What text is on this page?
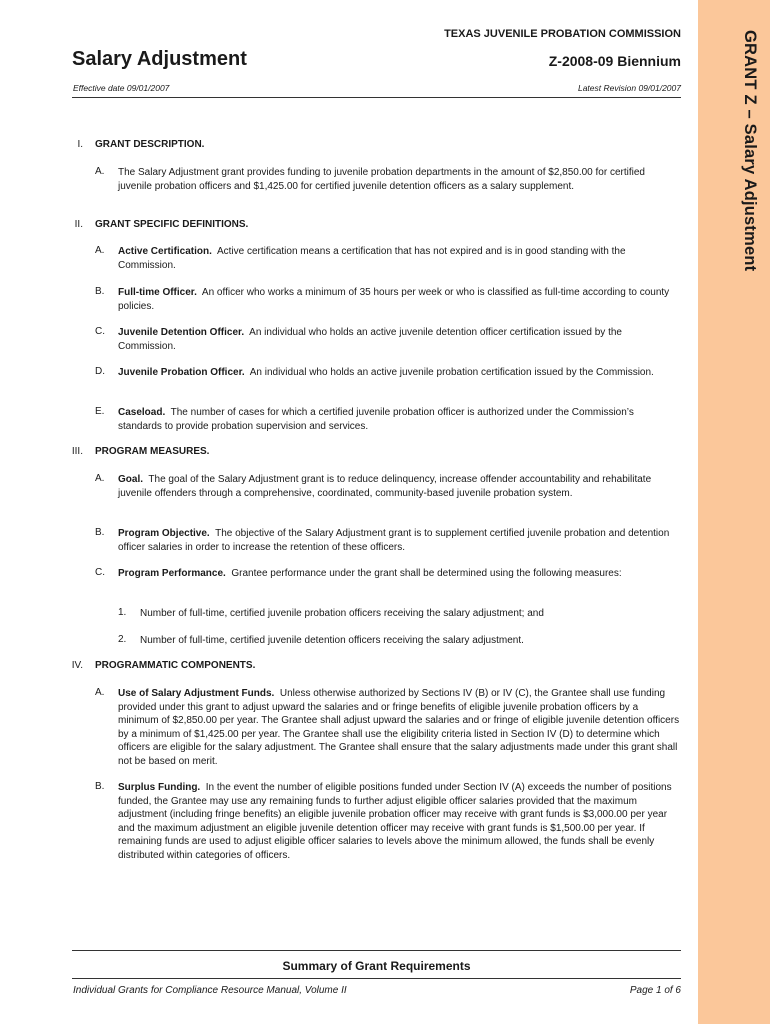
GRANT Z – Salary Adjustment
TEXAS JUVENILE PROBATION COMMISSION
Salary Adjustment	Z-2008-09 Biennium
Effective date 09/01/2007	Latest Revision 09/01/2007
I. GRANT DESCRIPTION.
A.	The Salary Adjustment grant provides funding to juvenile probation departments in the amount of $2,850.00 for certified juvenile probation officers and $1,425.00 for certified juvenile detention officers as a salary supplement.
II. GRANT SPECIFIC DEFINITIONS.
A.	Active Certification. Active certification means a certification that has not expired and is in good standing with the Commission.
B.	Full-time Officer. An officer who works a minimum of 35 hours per week or who is classified as full-time according to county policies.
C.	Juvenile Detention Officer. An individual who holds an active juvenile detention officer certification issued by the Commission.
D.	Juvenile Probation Officer. An individual who holds an active juvenile probation certification issued by the Commission.
E.	Caseload. The number of cases for which a certified juvenile probation officer is authorized under the Commission’s standards to provide probation supervision and services.
III. PROGRAM MEASURES.
A.	Goal. The goal of the Salary Adjustment grant is to reduce delinquency, increase offender accountability and rehabilitate juvenile offenders through a comprehensive, coordinated, community-based juvenile probation system.
B.	Program Objective. The objective of the Salary Adjustment grant is to supplement certified juvenile probation and detention officer salaries in order to increase the retention of these officers.
C.	Program Performance. Grantee performance under the grant shall be determined using the following measures:
1.	Number of full-time, certified juvenile probation officers receiving the salary adjustment; and
2.	Number of full-time, certified juvenile detention officers receiving the salary adjustment.
IV. PROGRAMMATIC COMPONENTS.
A.	Use of Salary Adjustment Funds. Unless otherwise authorized by Sections IV (B) or IV (C), the Grantee shall use funding provided under this grant to adjust upward the salaries and or fringe benefits of eligible juvenile probation officers by a minimum of $2,850.00 per year. The Grantee shall adjust upward the salaries and or fringe of eligible juvenile detention officers by a minimum of $1,425.00 per year. The Grantee shall use the eligibility criteria listed in Section IV (D) to determine which officers are eligible for the salary adjustment. The Grantee shall ensure that the salary adjustments made under this grant shall not be based on merit.
B.	Surplus Funding. In the event the number of eligible positions funded under Section IV (A) exceeds the number of positions funded, the Grantee may use any remaining funds to further adjust eligible officer salaries provided that the maximum adjustment (including fringe benefits) an eligible juvenile probation officer may receive with grant funds is $3,000.00 per year and the maximum adjustment an eligible juvenile detention officer may receive with grant funds is $1,500.00 per year. If remaining funds are used to adjust eligible officer salaries to levels above the minimum allowed, the funds shall be evenly distributed within categories of officers.
Summary of Grant Requirements
Individual Grants for Compliance Resource Manual, Volume II	Page 1 of 6
